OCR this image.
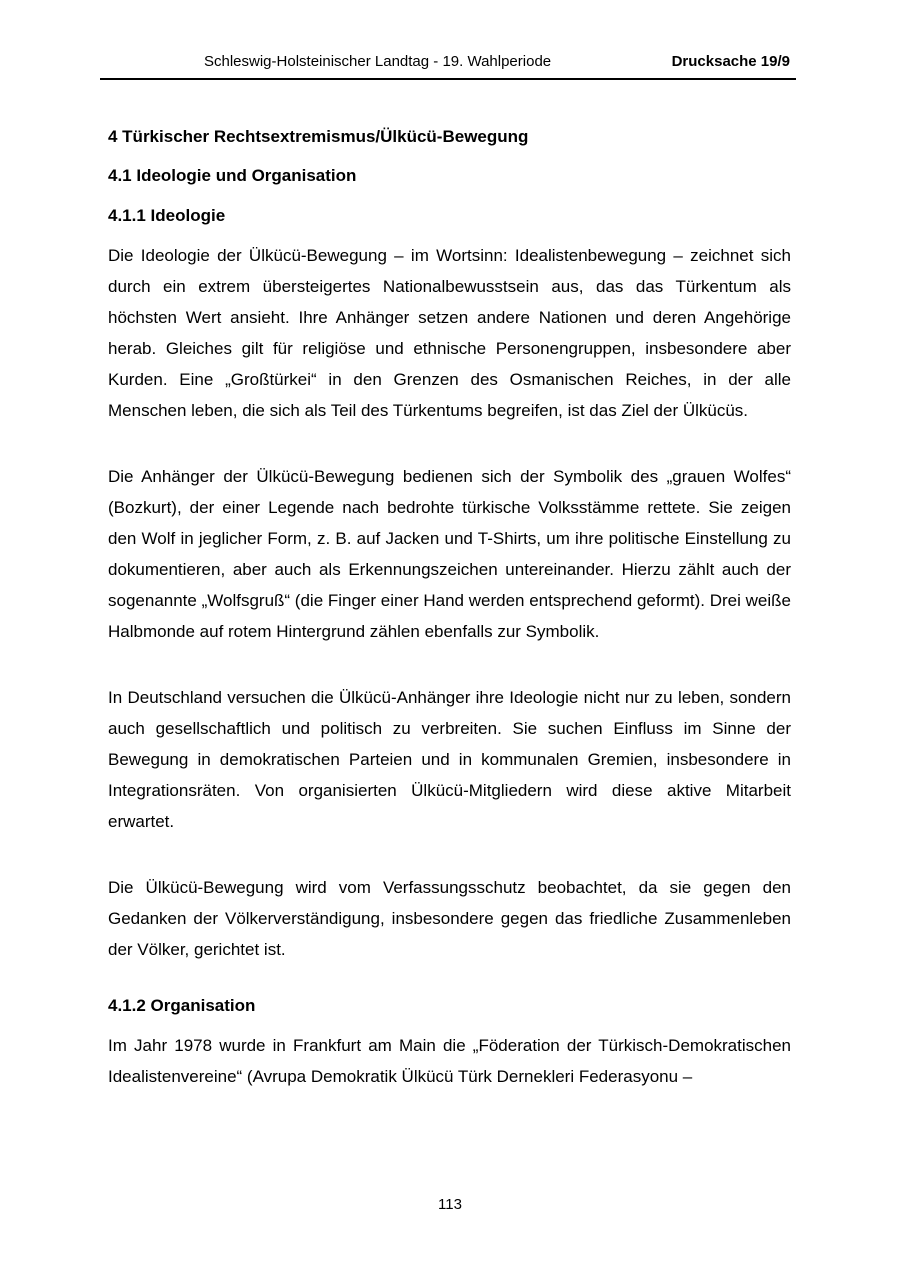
Schleswig-Holsteinischer Landtag - 19. Wahlperiode	Drucksache 19/9
4 Türkischer Rechtsextremismus/Ülkücü-Bewegung
4.1 Ideologie und Organisation
4.1.1 Ideologie

Die Ideologie der Ülkücü-Bewegung – im Wortsinn: Idealistenbewegung – zeichnet sich durch ein extrem übersteigertes Nationalbewusstsein aus, das das Türkentum als höchsten Wert ansieht. Ihre Anhänger setzen andere Nationen und deren Angehörige herab. Gleiches gilt für religiöse und ethnische Personengruppen, insbesondere aber Kurden. Eine „Großtürkei“ in den Grenzen des Osmanischen Reiches, in der alle Menschen leben, die sich als Teil des Türkentums begreifen, ist das Ziel der Ülkücüs.

Die Anhänger der Ülkücü-Bewegung bedienen sich der Symbolik des „grauen Wolfes“ (Bozkurt), der einer Legende nach bedrohte türkische Volksstämme rettete. Sie zeigen den Wolf in jeglicher Form, z. B. auf Jacken und T-Shirts, um ihre politische Einstellung zu dokumentieren, aber auch als Erkennungszeichen untereinander. Hierzu zählt auch der sogenannte „Wolfsgruß“ (die Finger einer Hand werden entsprechend geformt). Drei weiße Halbmonde auf rotem Hintergrund zählen ebenfalls zur Symbolik.

In Deutschland versuchen die Ülkücü-Anhänger ihre Ideologie nicht nur zu leben, sondern auch gesellschaftlich und politisch zu verbreiten. Sie suchen Einfluss im Sinne der Bewegung in demokratischen Parteien und in kommunalen Gremien, insbesondere in Integrationsräten. Von organisierten Ülkücü-Mitgliedern wird diese aktive Mitarbeit erwartet.

Die Ülkücü-Bewegung wird vom Verfassungsschutz beobachtet, da sie gegen den Gedanken der Völkerverständigung, insbesondere gegen das friedliche Zusammenleben der Völker, gerichtet ist.

4.1.2 Organisation

Im Jahr 1978 wurde in Frankfurt am Main die „Föderation der Türkisch-Demokratischen Idealistenvereine“ (Avrupa Demokratik Ülkücü Türk Dernekleri Federasyonu –

113
